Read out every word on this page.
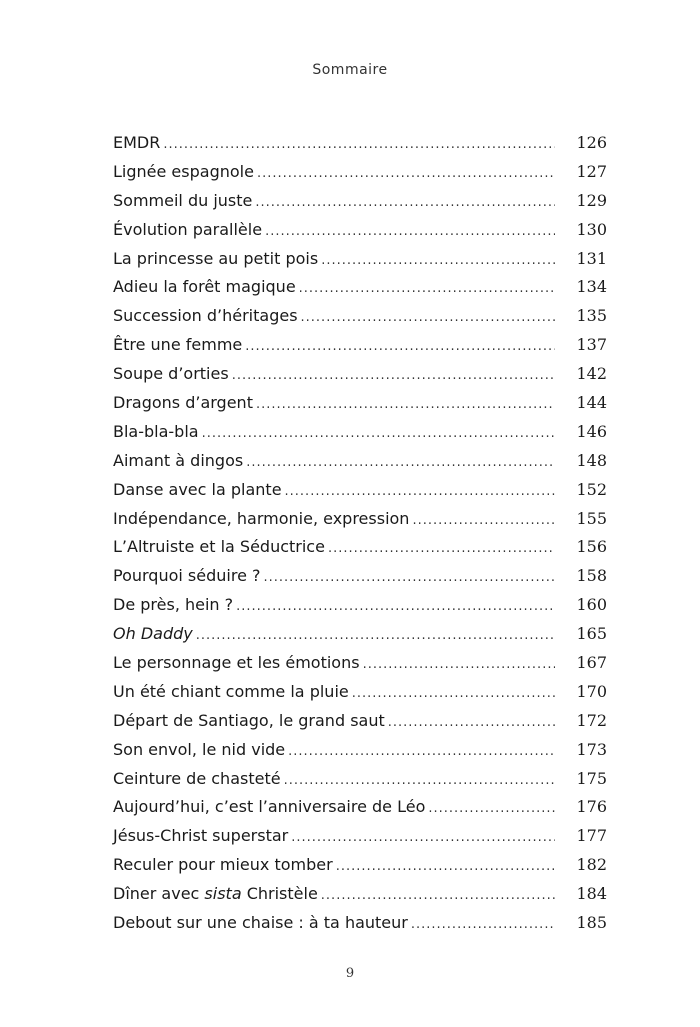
Sommaire
EMDR .....	126
Lignée espagnole .....	127
Sommeil du juste .....	129
Évolution parallèle .....	130
La princesse au petit pois .....	131
Adieu la forêt magique .....	134
Succession d’héritages .....	135
Être une femme .....	137
Soupe d’orties .....	142
Dragons d’argent .....	144
Bla-bla-bla .....	146
Aimant à dingos .....	148
Danse avec la plante .....	152
Indépendance, harmonie, expression .....	155
L’Altruiste et la Séductrice .....	156
Pourquoi séduire ? .....	158
De près, hein ? .....	160
Oh Daddy .....	165
Le personnage et les émotions .....	167
Un été chiant comme la pluie .....	170
Départ de Santiago, le grand saut .....	172
Son envol, le nid vide .....	173
Ceinture de chasteté .....	175
Aujourd’hui, c’est l’anniversaire de Léo .....	176
Jésus-Christ superstar .....	177
Reculer pour mieux tomber .....	182
Dîner avec sista Christèle .....	184
Debout sur une chaise : à ta hauteur .....	185
9
